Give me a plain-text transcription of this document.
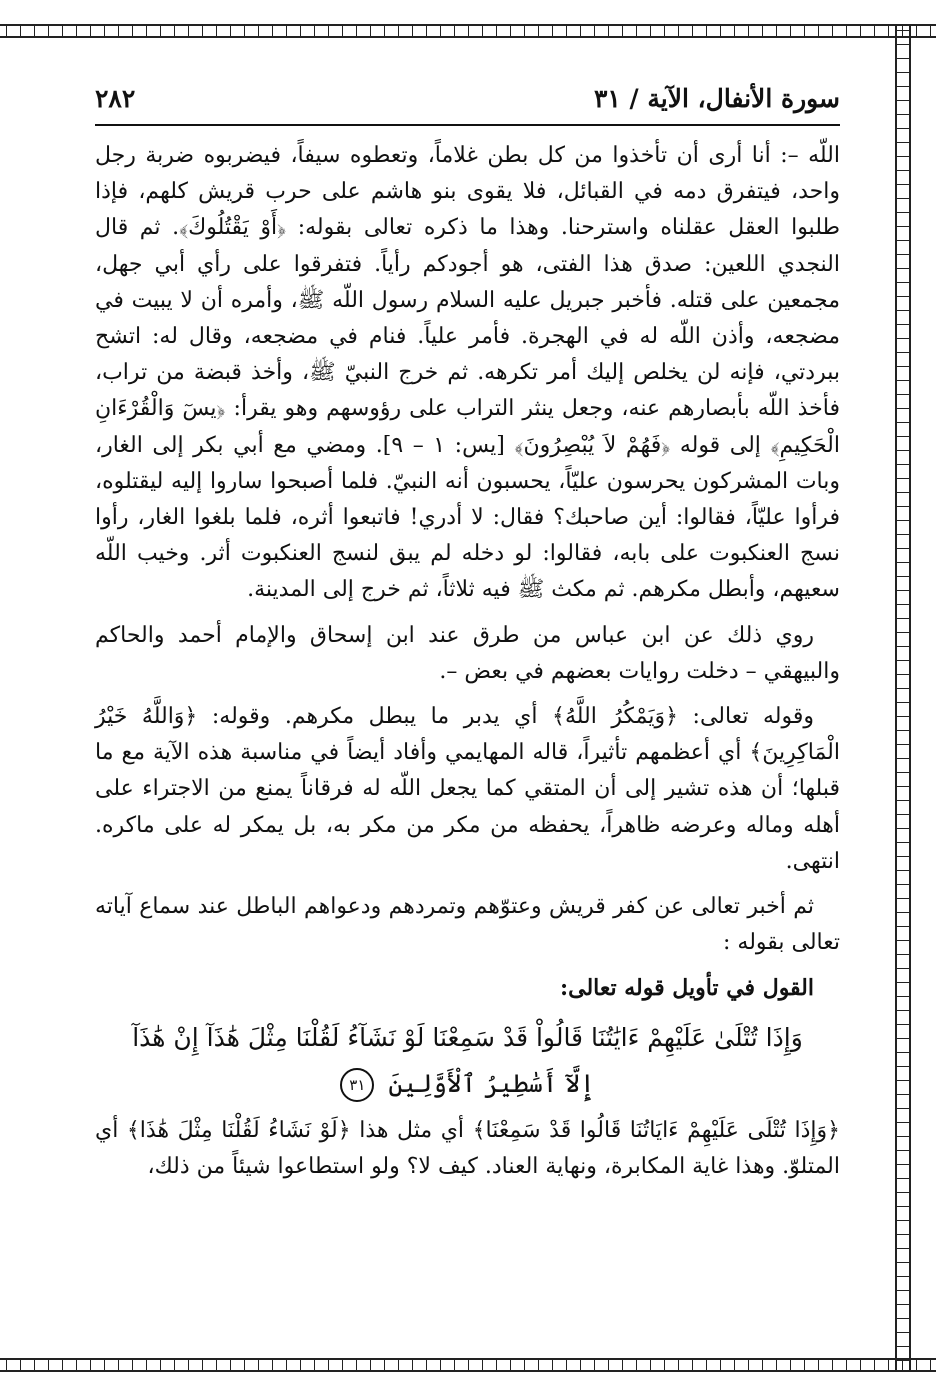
سورة الأنفال، الآية / ٣١
٢٨٢

اللّه –: أنا أرى أن تأخذوا من كل بطن غلاماً، وتعطوه سيفاً، فيضربوه ضربة رجل واحد، فيتفرق دمه في القبائل، فلا يقوى بنو هاشم على حرب قريش كلهم، فإذا طلبوا العقل عقلناه واسترحنا. وهذا ما ذكره تعالى بقوله: ﴿أَوْ يَقْتُلُوكَ﴾. ثم قال النجدي اللعين: صدق هذا الفتى، هو أجودكم رأياً. فتفرقوا على رأي أبي جهل، مجمعين على قتله. فأخبر جبريل عليه السلام رسول اللّه ﷺ، وأمره أن لا يبيت في مضجعه، وأذن اللّه له في الهجرة. فأمر علياً. فنام في مضجعه، وقال له: اتشح ببردتي، فإنه لن يخلص إليك أمر تكرهه. ثم خرج النبيّ ﷺ، وأخذ قبضة من تراب، فأخذ اللّه بأبصارهم عنه، وجعل ينثر التراب على رؤوسهم وهو يقرأ: ﴿يسٓ وَالْقُرْءَانِ الْحَكِيمِ﴾ إلى قوله ﴿فَهُمْ لاَ يُبْصِرُونَ﴾ [يس: ١ – ٩]. ومضي مع أبي بكر إلى الغار، وبات المشركون يحرسون عليّاً، يحسبون أنه النبيّ. فلما أصبحوا ساروا إليه ليقتلوه، فرأوا عليّاً، فقالوا: أين صاحبك؟ فقال: لا أدري! فاتبعوا أثره، فلما بلغوا الغار، رأوا نسج العنكبوت على بابه، فقالوا: لو دخله لم يبق لنسج العنكبوت أثر. وخيب اللّه سعيهم، وأبطل مكرهم. ثم مكث ﷺ فيه ثلاثاً، ثم خرج إلى المدينة.

روي ذلك عن ابن عباس من طرق عند ابن إسحاق والإمام أحمد والحاكم والبيهقي – دخلت روايات بعضهم في بعض –.

وقوله تعالى: ﴿وَيَمْكُرُ اللَّهُ﴾ أي يدبر ما يبطل مكرهم. وقوله: ﴿وَاللَّهُ خَيْرُ الْمَاكِرِينَ﴾ أي أعظمهم تأثيراً، قاله المهايمي وأفاد أيضاً في مناسبة هذه الآية مع ما قبلها؛ أن هذه تشير إلى أن المتقي كما يجعل اللّه له فرقاناً يمنع من الاجتراء على أهله وماله وعرضه ظاهراً، يحفظه من مكر من مكر به، بل يمكر له على ماكره. انتهى.

ثم أخبر تعالى عن كفر قريش وعتوّهم وتمردهم ودعواهم الباطل عند سماع آياته تعالى بقوله :

القول في تأويل قوله تعالى:
وَإِذَا تُتْلَىٰ عَلَيْهِمْ ءَايَٰتُنَا قَالُواْ قَدْ سَمِعْنَا لَوْ نَشَآءُ لَقُلْنَا مِثْلَ هَٰذَآ إِنْ هَٰذَآ
إِلَّآ أَسَٰطِيرُ ٱلْأَوَّلِينَ ٣١

﴿وَإِذَا تُتْلَى عَلَيْهِمْ ءَايَاتُنَا قَالُوا قَدْ سَمِعْنَا﴾ أي مثل هذا ﴿لَوْ نَشَاءُ لَقُلْنَا مِثْلَ هَٰذَا﴾ أي المتلوّ. وهذا غاية المكابرة، ونهاية العناد. كيف لا؟ ولو استطاعوا شيئاً من ذلك،
